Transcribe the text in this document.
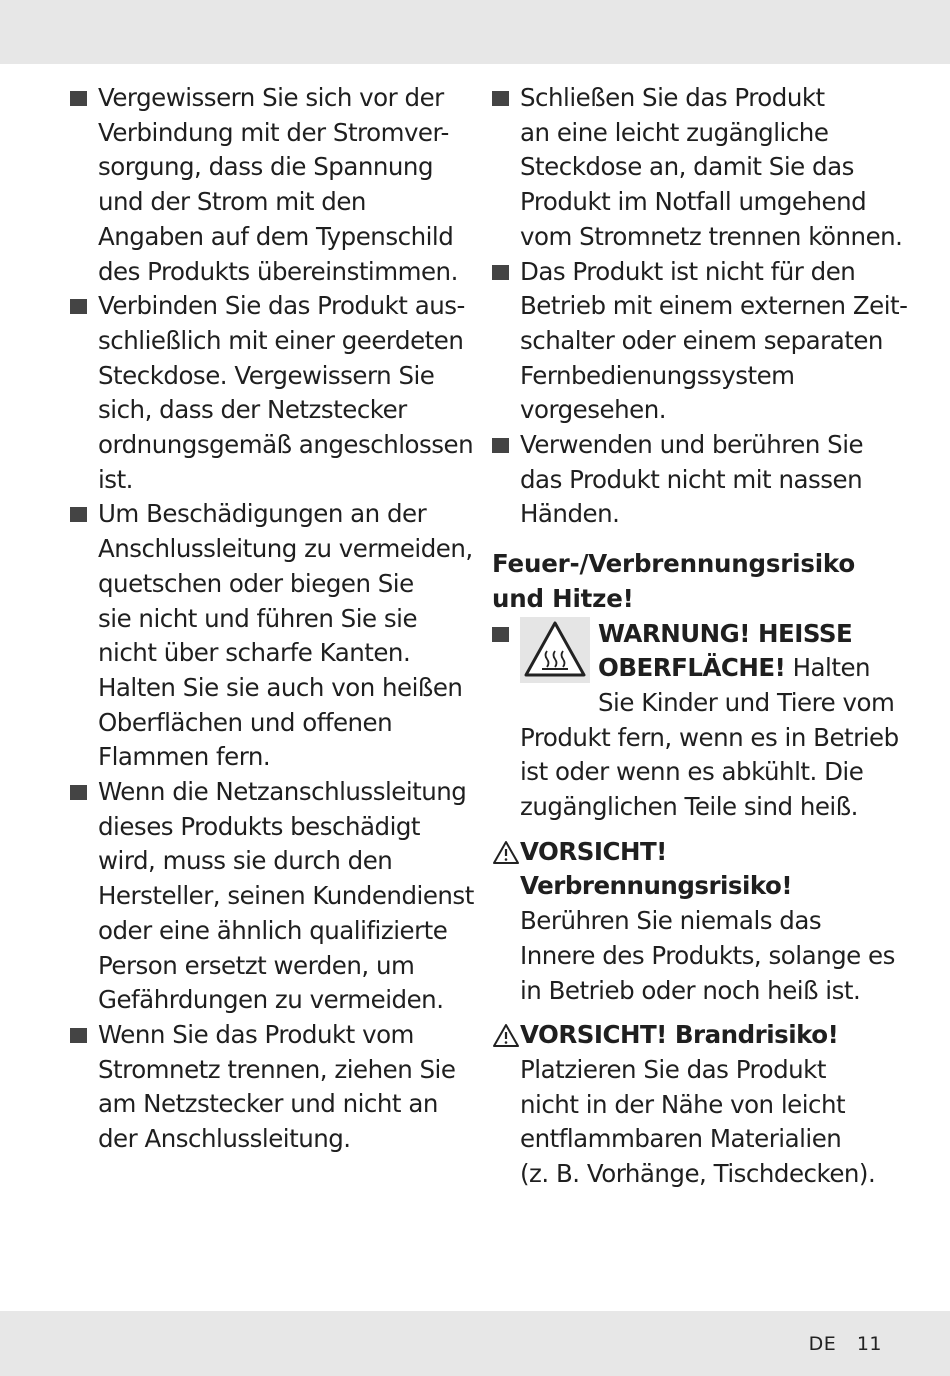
Vergewissern Sie sich vor der
Verbindung mit der Stromver-
sorgung, dass die Spannung
und der Strom mit den
Angaben auf dem Typenschild
des Produkts übereinstimmen.
Verbinden Sie das Produkt aus-
schließlich mit einer geerdeten
Steckdose. Vergewissern Sie
sich, dass der Netzstecker
ordnungsgemäß angeschlossen
ist.
Um Beschädigungen an der
Anschlussleitung zu vermeiden,
quetschen oder biegen Sie
sie nicht und führen Sie sie
nicht über scharfe Kanten.
Halten Sie sie auch von heißen
Oberflächen und offenen
Flammen fern.
Wenn die Netzanschlussleitung
dieses Produkts beschädigt
wird, muss sie durch den
Hersteller, seinen Kundendienst
oder eine ähnlich qualifizierte
Person ersetzt werden, um
Gefährdungen zu vermeiden.
Wenn Sie das Produkt vom
Stromnetz trennen, ziehen Sie
am Netzstecker und nicht an
der Anschlussleitung.
Schließen Sie das Produkt
an eine leicht zugängliche
Steckdose an, damit Sie das
Produkt im Notfall umgehend
vom Stromnetz trennen können.
Das Produkt ist nicht für den
Betrieb mit einem externen Zeit-
schalter oder einem separaten
Fernbedienungssystem
vorgesehen.
Verwenden und berühren Sie
das Produkt nicht mit nassen
Händen.
Feuer-/Verbrennungsrisiko
und Hitze!
WARNUNG! HEISSE
OBERFLÄCHE! Halten
Sie Kinder und Tiere vom
Produkt fern, wenn es in Betrieb
ist oder wenn es abkühlt. Die
zugänglichen Teile sind heiß.
VORSICHT!
Verbrennungsrisiko!
Berühren Sie niemals das
Innere des Produkts, solange es
in Betrieb oder noch heiß ist.
VORSICHT! Brandrisiko!
Platzieren Sie das Produkt
nicht in der Nähe von leicht
entflammbaren Materialien
(z. B. Vorhänge, Tischdecken).
DE 11
